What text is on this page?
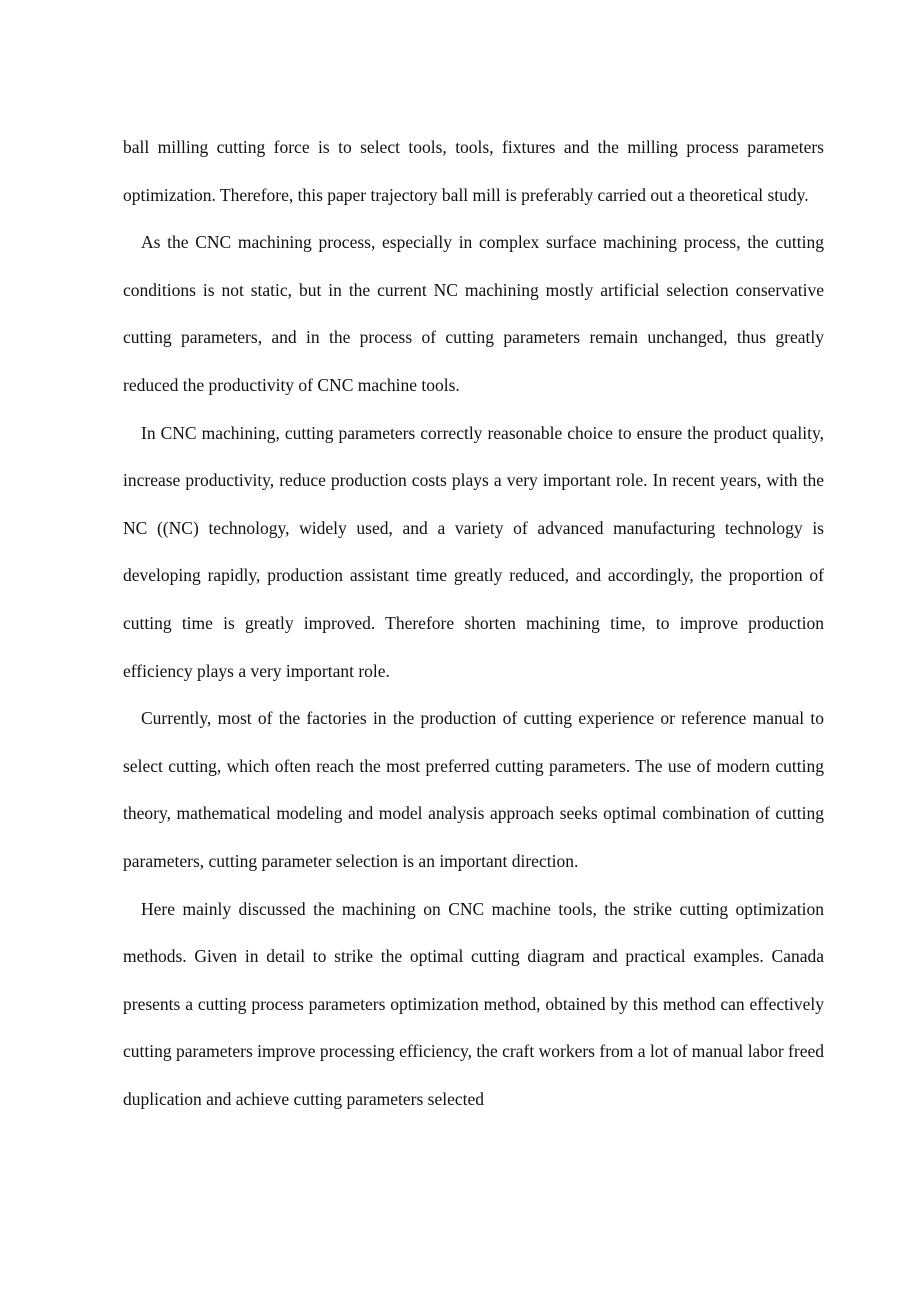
ball milling cutting force is to select tools, tools, fixtures and the milling process parameters optimization. Therefore, this paper trajectory ball mill is preferably carried out a theoretical study.

As the CNC machining process, especially in complex surface machining process, the cutting conditions is not static, but in the current NC machining mostly artificial selection conservative cutting parameters, and in the process of cutting parameters remain unchanged, thus greatly reduced the productivity of CNC machine tools.

In CNC machining, cutting parameters correctly reasonable choice to ensure the product quality, increase productivity, reduce production costs plays a very important role. In recent years, with the NC ((NC) technology, widely used, and a variety of advanced manufacturing technology is developing rapidly, production assistant time greatly reduced, and accordingly, the proportion of cutting time is greatly improved. Therefore shorten machining time, to improve production efficiency plays a very important role.

Currently, most of the factories in the production of cutting experience or reference manual to select cutting, which often reach the most preferred cutting parameters. The use of modern cutting theory, mathematical modeling and model analysis approach seeks optimal combination of cutting parameters, cutting parameter selection is an important direction.

Here mainly discussed the machining on CNC machine tools, the strike cutting optimization methods. Given in detail to strike the optimal cutting diagram and practical examples. Canada presents a cutting process parameters optimization method, obtained by this method can effectively cutting parameters improve processing efficiency, the craft workers from a lot of manual labor freed duplication and achieve cutting parameters selected
